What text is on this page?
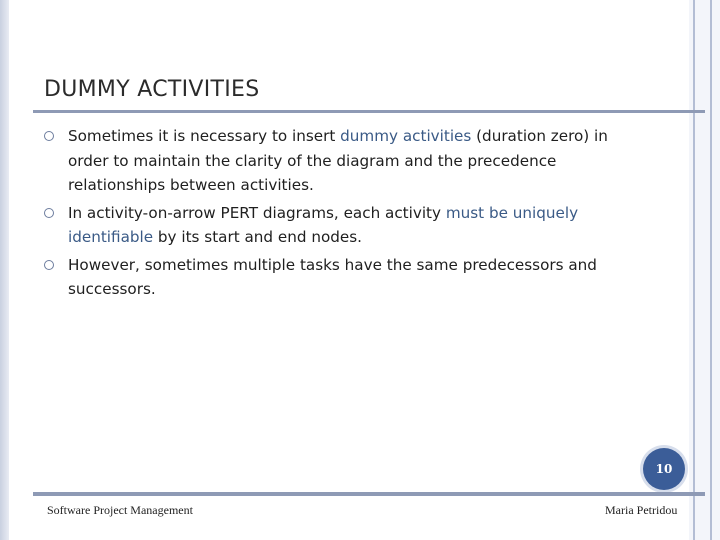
DUMMY ACTIVITIES
Sometimes it is necessary to insert dummy activities (duration zero) in order to maintain the clarity of the diagram and the precedence relationships between activities.
In activity-on-arrow PERT diagrams, each activity must be uniquely identifiable by its start and end nodes.
However, sometimes multiple tasks have the same predecessors and successors.
10
Software Project Management	Maria Petridou
